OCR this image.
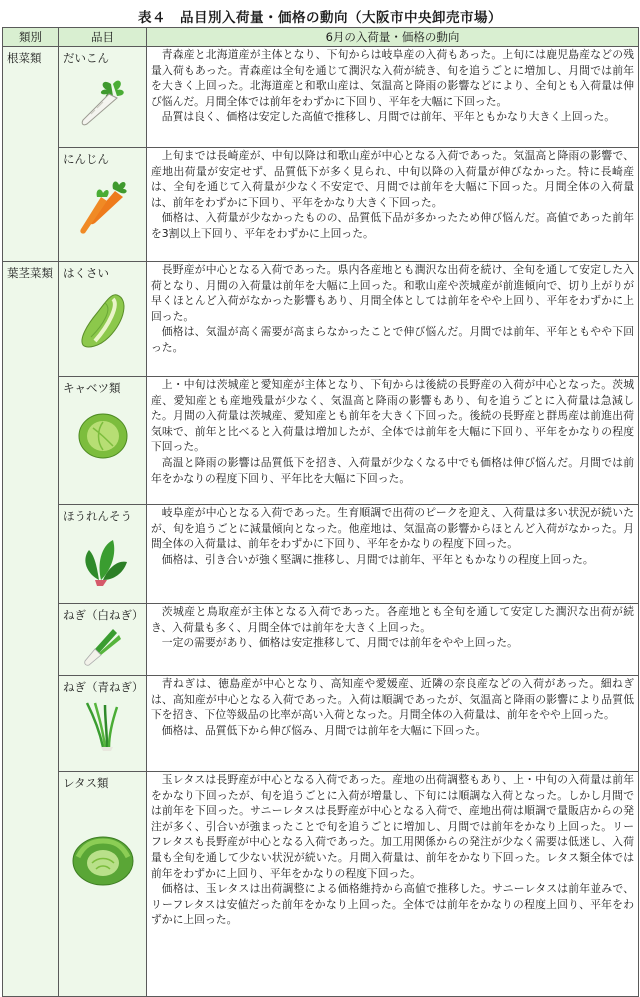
表４ 品目別入荷量・価格の動向（大阪市中央卸売市場）
類別	品目	6月の入荷量・価格の動向
根菜類	だいこん	青森産と北海道産が主体となり、下旬からは岐阜産の入荷もあった。上旬には鹿児島産などの残量入荷もあった。青森産は全旬を通じて潤沢な入荷が続き、旬を追うごとに増加し、月間では前年を大きく上回った。北海道産と和歌山産は、気温高と降雨の影響などにより、全旬とも入荷量は伸び悩んだ。月間全体では前年をわずかに下回り、平年を大幅に下回った。

品質は良く、価格は安定した高値で推移し、月間では前年、平年ともかなり大きく上回った。

	にんじん	上旬までは長崎産が、中旬以降は和歌山産が中心となる入荷であった。気温高と降雨の影響で、産地出荷量が安定せず、品質低下が多く見られ、中旬以降の入荷量が伸びなかった。特に長崎産は、全旬を通じて入荷量が少なく不安定で、月間では前年を大幅に下回った。月間全体の入荷量は、前年をわずかに下回り、平年をかなり大きく下回った。

価格は、入荷量が少なかったものの、品質低下品が多かったため伸び悩んだ。高値であった前年を3割以上下回り、平年をわずかに上回った。

葉茎菜類	はくさい	長野産が中心となる入荷であった。県内各産地とも潤沢な出荷を続け、全旬を通して安定した入荷となり、月間の入荷量は前年を大幅に上回った。和歌山産や茨城産が前進傾向で、切り上がりが早くほとんど入荷がなかった影響もあり、月間全体としては前年をやや上回り、平年をわずかに上回った。

価格は、気温が高く需要が高まらなかったことで伸び悩んだ。月間では前年、平年ともやや下回った。

	キャベツ類	上・中旬は茨城産と愛知産が主体となり、下旬からは後続の長野産の入荷が中心となった。茨城産、愛知産とも産地残量が少なく、気温高と降雨の影響もあり、旬を追うごとに入荷量は急減した。月間の入荷量は茨城産、愛知産とも前年を大きく下回った。後続の長野産と群馬産は前進出荷気味で、前年と比べると入荷量は増加したが、全体では前年を大幅に下回り、平年をかなりの程度下回った。

高温と降雨の影響は品質低下を招き、入荷量が少なくなる中でも価格は伸び悩んだ。月間では前年をかなりの程度下回り、平年比を大幅に下回った。

	ほうれんそう	岐阜産が中心となる入荷であった。生育順調で出荷のピークを迎え、入荷量は多い状況が続いたが、旬を追うごとに減量傾向となった。他産地は、気温高の影響からほとんど入荷がなかった。月間全体の入荷量は、前年をわずかに下回り、平年をかなりの程度下回った。

価格は、引き合いが強く堅調に推移し、月間では前年、平年ともかなりの程度上回った。

	ねぎ（白ねぎ）	茨城産と鳥取産が主体となる入荷であった。各産地とも全旬を通して安定した潤沢な出荷が続き、入荷量も多く、月間全体では前年を大きく上回った。

一定の需要があり、価格は安定推移して、月間では前年をやや上回った。

	ねぎ（青ねぎ）	青ねぎは、徳島産が中心となり、高知産や愛媛産、近隣の奈良産などの入荷があった。細ねぎは、高知産が中心となる入荷であった。入荷は順調であったが、気温高と降雨の影響により品質低下を招き、下位等級品の比率が高い入荷となった。月間全体の入荷量は、前年をやや上回った。

価格は、品質低下から伸び悩み、月間では前年を大幅に下回った。

	レタス類	玉レタスは長野産が中心となる入荷であった。産地の出荷調整もあり、上・中旬の入荷量は前年をかなり下回ったが、旬を追うごとに入荷が増量し、下旬には順調な入荷となった。しかし月間では前年を下回った。サニーレタスは長野産が中心となる入荷で、産地出荷は順調で量販店からの発注が多く、引合いが強まったことで旬を追うごとに増加し、月間では前年をかなり上回った。リーフレタスも長野産が中心となる入荷であった。加工用関係からの発注が少なく需要は低迷し、入荷量も全旬を通して少ない状況が続いた。月間入荷量は、前年をかなり下回った。レタス類全体では前年をわずかに上回り、平年をかなりの程度下回った。

価格は、玉レタスは出荷調整による価格維持から高値で推移した。サニーレタスは前年並みで、リーフレタスは安値だった前年をかなり上回った。全体では前年をかなりの程度上回り、平年をわずかに上回った。
